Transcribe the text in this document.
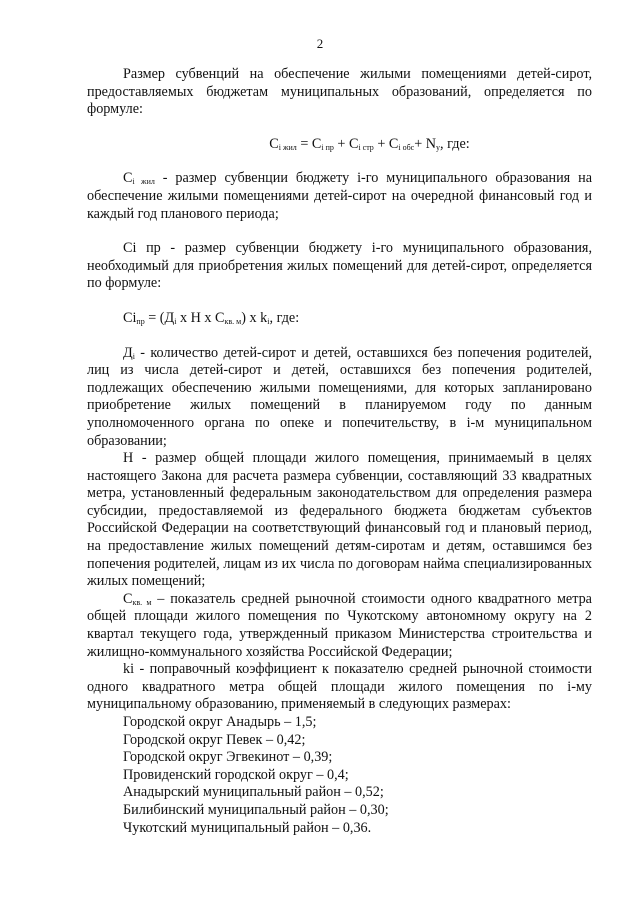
2

Размер субвенций на обеспечение жилыми помещениями детей-сирот, предоставляемых бюджетам муниципальных образований, определяется по формуле:

$C_{i жил} = C_{i пр} + C_{i стр} + C_{i обс}+ N_y$, где:

$C_{i жил}$ - размер субвенции бюджету i-го муниципального образования на обеспечение жилыми помещениями детей-сирот на очередной финансовый год и каждый год планового периода;

Ci пр - размер субвенции бюджету i-го муниципального образования, необходимый для приобретения жилых помещений для детей-сирот, определяется по формуле:

$Ci_{пр} = (Д_i$ x H x $C_{кв. м}$) x $k_i$, где:

$Д_i$ - количество детей-сирот и детей, оставшихся без попечения родителей, лиц из числа детей-сирот и детей, оставшихся без попечения родителей, подлежащих обеспечению жилыми помещениями, для которых запланировано приобретение жилых помещений в планируемом году по данным уполномоченного органа по опеке и попечительству, в i-м муниципальном образовании;

H - размер общей площади жилого помещения, принимаемый в целях настоящего Закона для расчета размера субвенции, составляющий 33 квадратных метра, установленный федеральным законодательством для определения размера субсидии, предоставляемой из федерального бюджета бюджетам субъектов Российской Федерации на соответствующий финансовый год и плановый период, на предоставление жилых помещений детям-сиротам и детям, оставшимся без попечения родителей, лицам из их числа по договорам найма специализированных жилых помещений;

$C_{кв. м}$ – показатель средней рыночной стоимости одного квадратного метра общей площади жилого помещения по Чукотскому автономному округу на 2 квартал текущего года, утвержденный приказом Министерства строительства и жилищно-коммунального хозяйства Российской Федерации;

ki - поправочный коэффициент к показателю средней рыночной стоимости одного квадратного метра общей площади жилого помещения по i-му муниципальному образованию, применяемый в следующих размерах:

Городской округ Анадырь – 1,5;
Городской округ Певек – 0,42;
Городской округ Эгвекинот – 0,39;
Провиденский городской округ – 0,4;
Анадырский муниципальный район – 0,52;
Билибинский муниципальный район – 0,30;
Чукотский муниципальный район – 0,36.
